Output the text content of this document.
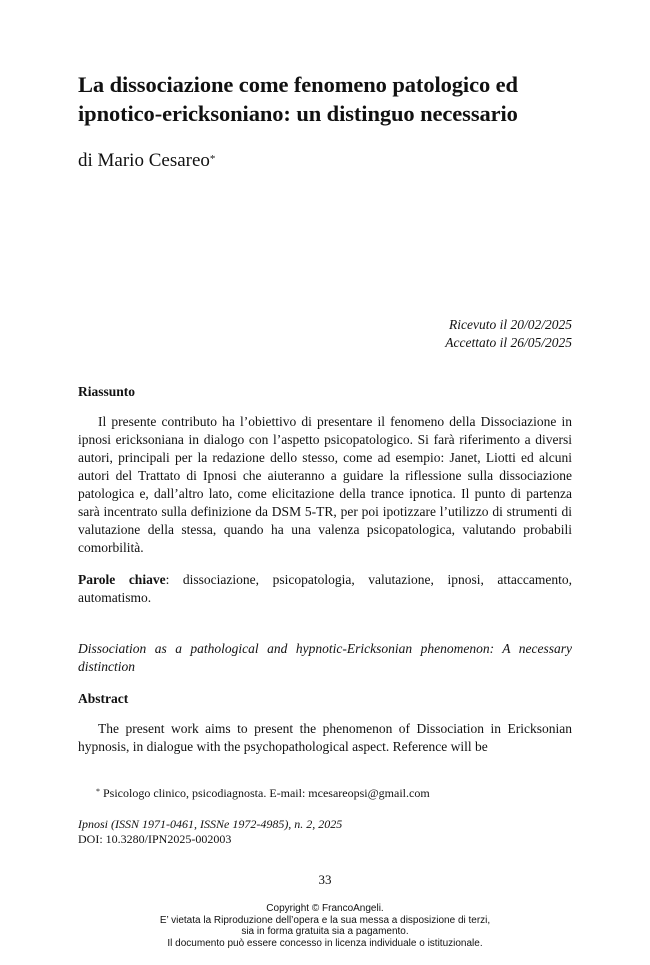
La dissociazione come fenomeno patologico ed
ipnotico-ericksoniano: un distinguo necessario

di Mario Cesareo*

Ricevuto il 20/02/2025
Accettato il 26/05/2025

Riassunto

Il presente contributo ha l’obiettivo di presentare il fenomeno della Dissociazione in ipnosi ericksoniana in dialogo con l’aspetto psicopatologico. Si farà riferimento a diversi autori, principali per la redazione dello stesso, come ad esempio: Janet, Liotti ed alcuni autori del Trattato di Ipnosi che aiuteranno a guidare la riflessione sulla dissociazione patologica e, dall’altro lato, come elicitazione della trance ipnotica. Il punto di partenza sarà incentrato sulla definizione da DSM 5-TR, per poi ipotizzare l’utilizzo di strumenti di valutazione della stessa, quando ha una valenza psicopatologica, valutando probabili comorbilità.

Parole chiave: dissociazione, psicopatologia, valutazione, ipnosi, attaccamento, automatismo.

Dissociation as a pathological and hypnotic-Ericksonian phenomenon: A necessary distinction

Abstract

The present work aims to present the phenomenon of Dissociation in Ericksonian hypnosis, in dialogue with the psychopathological aspect. Reference will be

* Psicologo clinico, psicodiagnosta. E-mail: mcesareopsi@gmail.com
Ipnosi (ISSN 1971-0461, ISSNe 1972-4985), n. 2, 2025
DOI: 10.3280/IPN2025-002003
33
Copyright © FrancoAngeli.
E’ vietata la Riproduzione dell’opera e la sua messa a disposizione di terzi,
sia in forma gratuita sia a pagamento.
Il documento può essere concesso in licenza individuale o istituzionale.
